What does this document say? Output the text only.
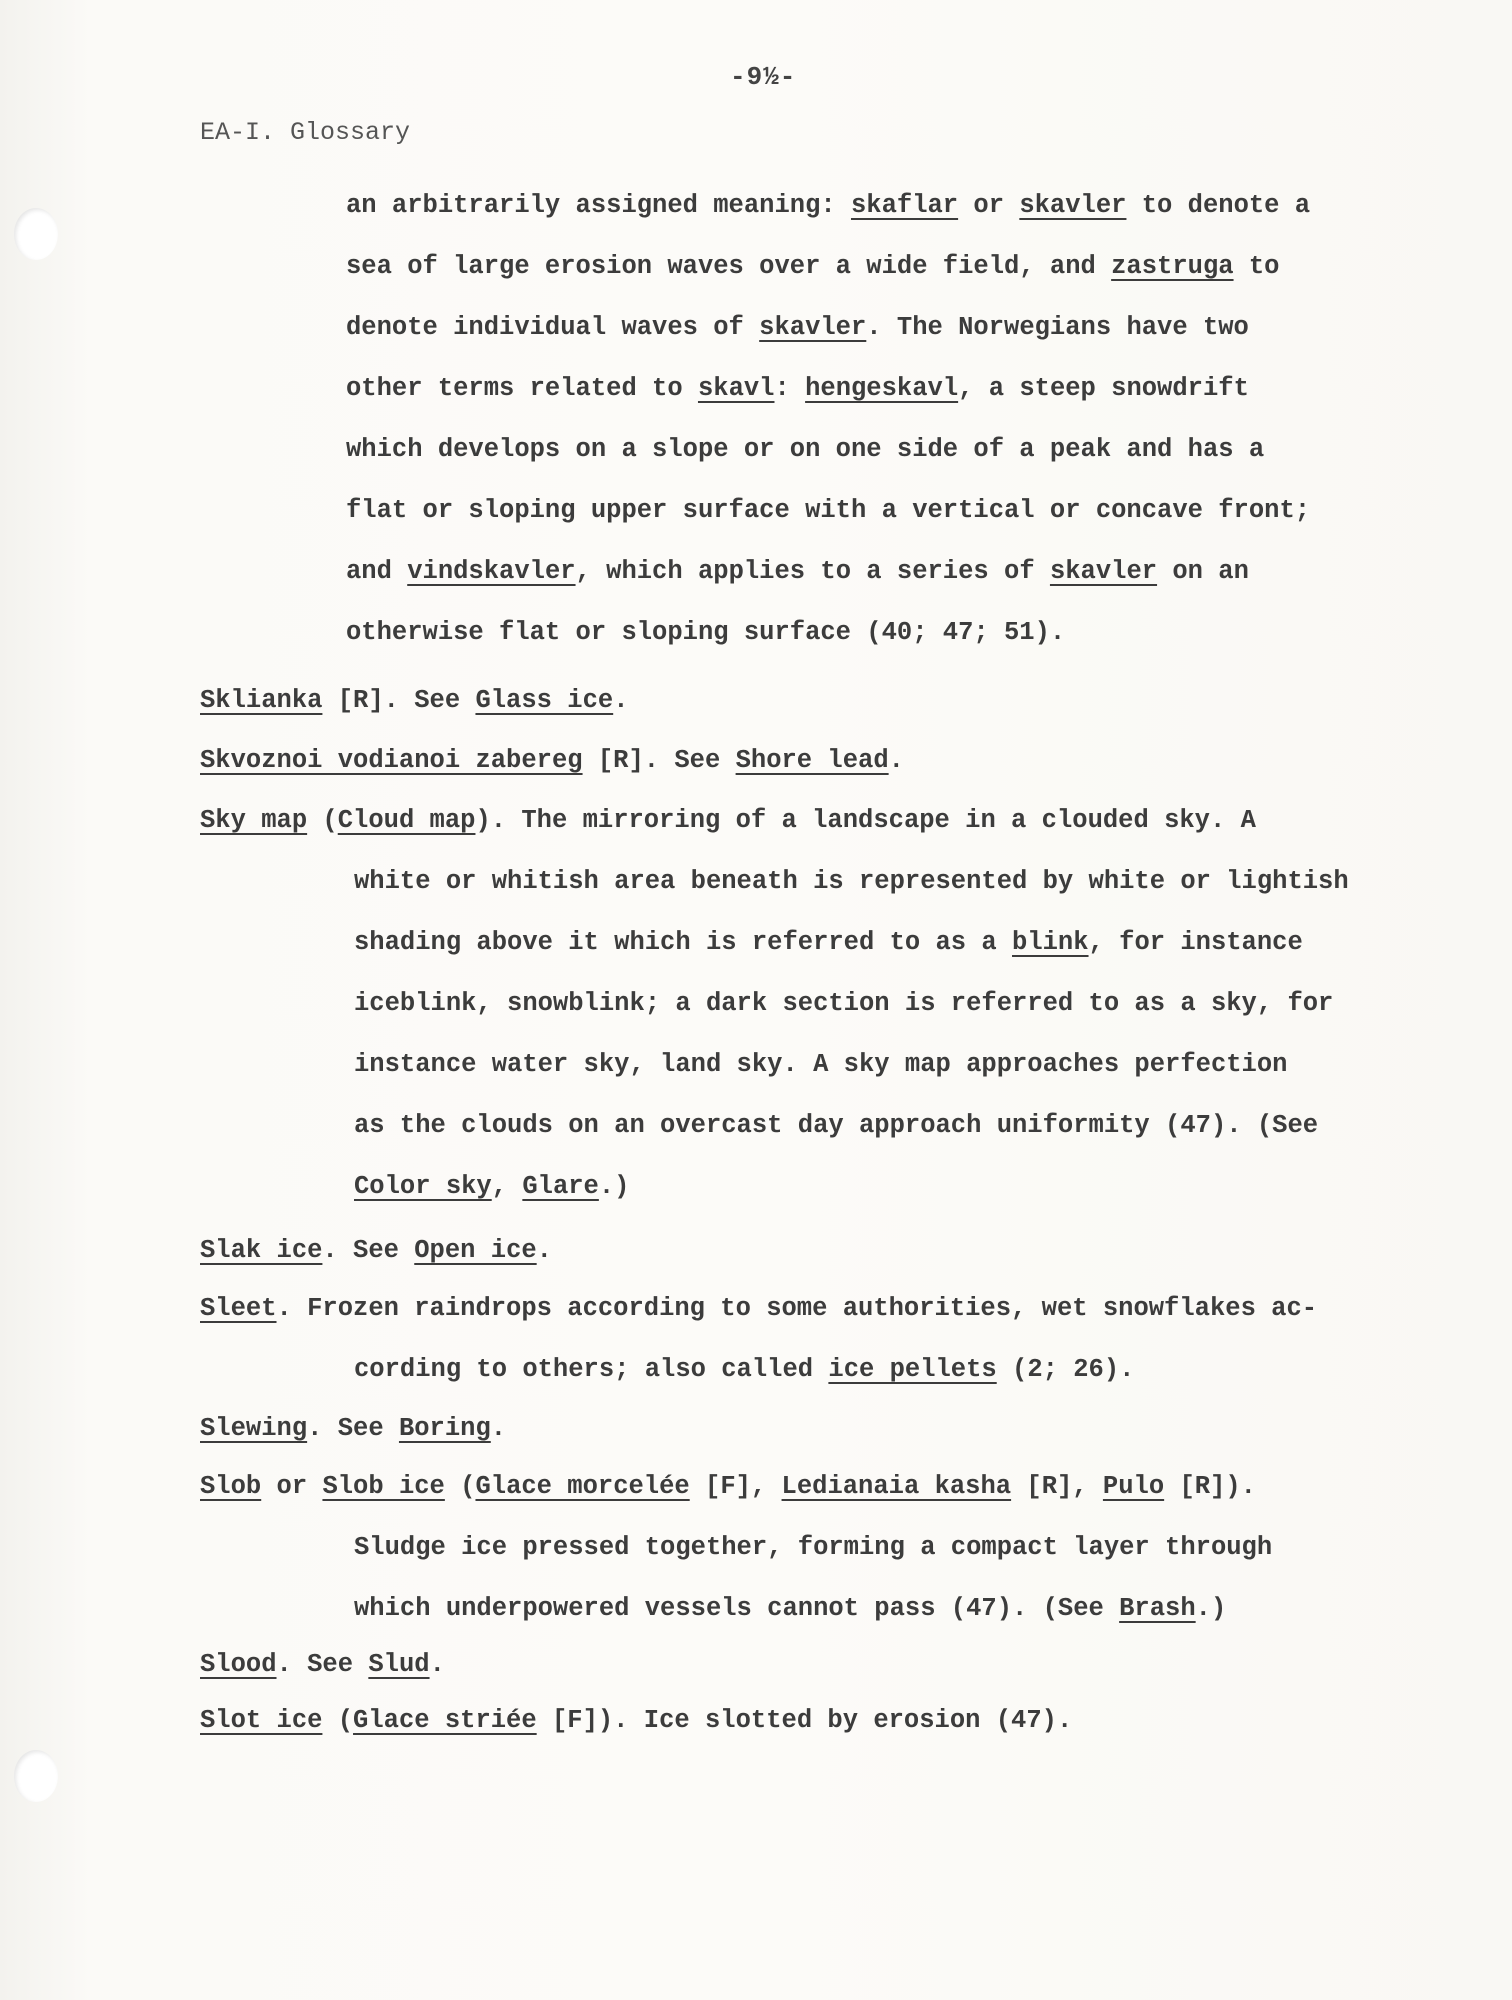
-9½-
EA-I. Glossary
an arbitrarily assigned meaning: skaflar or skavler to denote a
sea of large erosion waves over a wide field, and zastruga to
denote individual waves of skavler. The Norwegians have two
other terms related to skavl: hengeskavl, a steep snowdrift
which develops on a slope or on one side of a peak and has a
flat or sloping upper surface with a vertical or concave front;
and vindskavler, which applies to a series of skavler on an
otherwise flat or sloping surface (40; 47; 51).
Sklianka [R]. See Glass ice.
Skvoznoi vodianoi zabereg [R]. See Shore lead.
Sky map (Cloud map). The mirroring of a landscape in a clouded sky. A
white or whitish area beneath is represented by white or lightish
shading above it which is referred to as a blink, for instance
iceblink, snowblink; a dark section is referred to as a sky, for
instance water sky, land sky. A sky map approaches perfection
as the clouds on an overcast day approach uniformity (47). (See
Color sky, Glare.)
Slak ice. See Open ice.
Sleet. Frozen raindrops according to some authorities, wet snowflakes ac-
cording to others; also called ice pellets (2; 26).
Slewing. See Boring.
Slob or Slob ice (Glace morcelée [F], Ledianaia kasha [R], Pulo [R]).
Sludge ice pressed together, forming a compact layer through
which underpowered vessels cannot pass (47). (See Brash.)
Slood. See Slud.
Slot ice (Glace striée [F]). Ice slotted by erosion (47).
